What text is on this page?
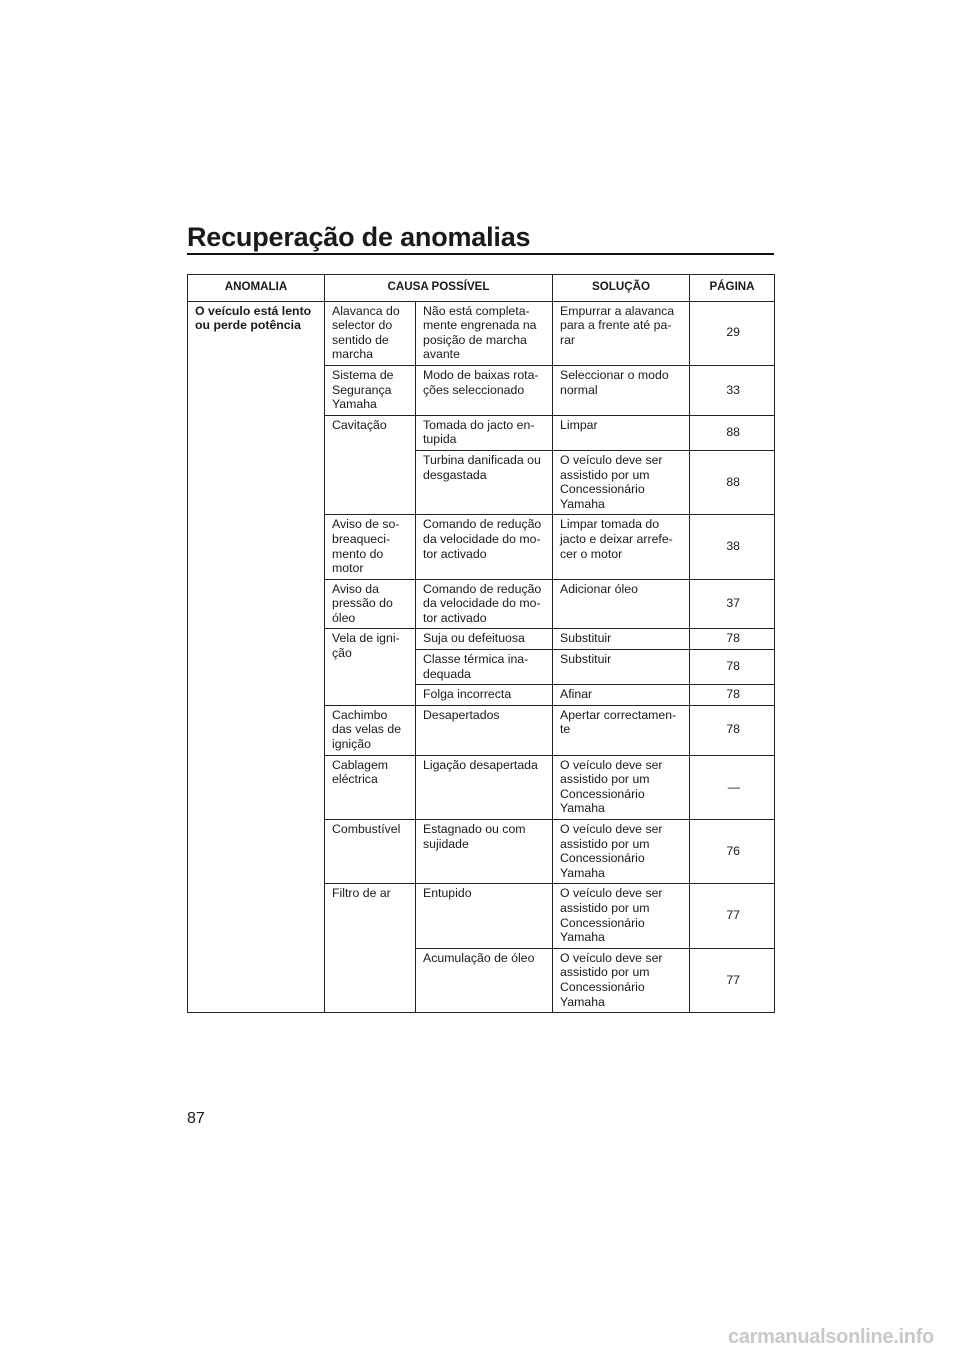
Recuperação de anomalias
ANOMALIA	CAUSA POSSÍVEL		SOLUÇÃO	PÁGINA
O veículo está lento
ou perde potência	Alavanca do
selector do
sentido de
marcha	Não está completa-
mente engrenada na
posição de marcha
avante	Empurrar a alavanca
para a frente até pa-
rar	29
	Sistema de
Segurança
Yamaha	Modo de baixas rota-
ções seleccionado	Seleccionar o modo
normal	33
	Cavitação	Tomada do jacto en-
tupida	Limpar	88
		Turbina danificada ou
desgastada	O veículo deve ser
assistido por um
Concessionário
Yamaha	88
	Aviso de so-
breaqueci-
mento do
motor	Comando de redução
da velocidade do mo-
tor activado	Limpar tomada do
jacto e deixar arrefe-
cer o motor	38
	Aviso da
pressão do
óleo	Comando de redução
da velocidade do mo-
tor activado	Adicionar óleo	37
	Vela de igni-
ção	Suja ou defeituosa	Substituir	78
		Classe térmica ina-
dequada	Substituir	78
		Folga incorrecta	Afinar	78
	Cachimbo
das velas de
ignição	Desapertados	Apertar correctamen-
te	78
	Cablagem
eléctrica	Ligação desapertada	O veículo deve ser
assistido por um
Concessionário
Yamaha	—
	Combustível	Estagnado ou com
sujidade	O veículo deve ser
assistido por um
Concessionário
Yamaha	76
	Filtro de ar	Entupido	O veículo deve ser
assistido por um
Concessionário
Yamaha	77
		Acumulação de óleo	O veículo deve ser
assistido por um
Concessionário
Yamaha	77
87
carmanualsonline.info
